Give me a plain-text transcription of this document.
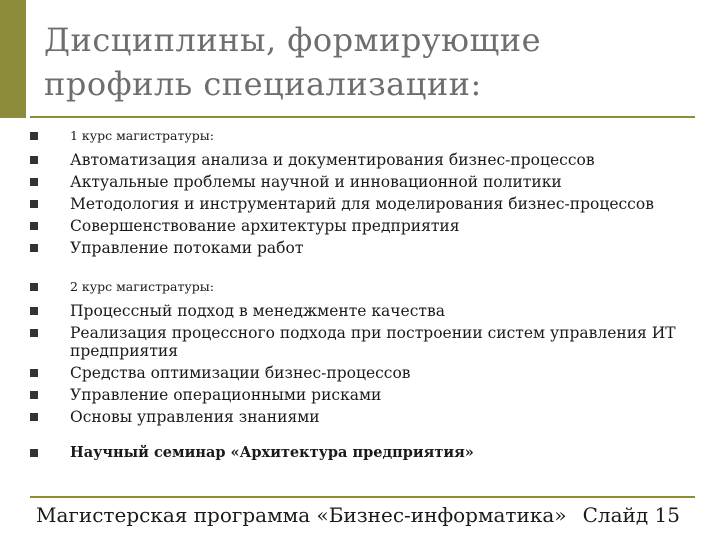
Дисциплины, формирующие профиль специализации:
1 курс магистратуры:
Автоматизация анализа и документирования бизнес-процессов
Актуальные проблемы научной и инновационной политики
Методология и инструментарий для моделирования бизнес-процессов
Совершенствование архитектуры предприятия
Управление потоками работ
2 курс магистратуры:
Процессный подход в менеджменте качества
Реализация процессного подхода при построении систем управления ИТ предприятия
Средства оптимизации бизнес-процессов
Управление операционными рисками
Основы управления знаниями
Научный семинар «Архитектура предприятия»
Магистерская программа «Бизнес-информатика» Слайд 15
